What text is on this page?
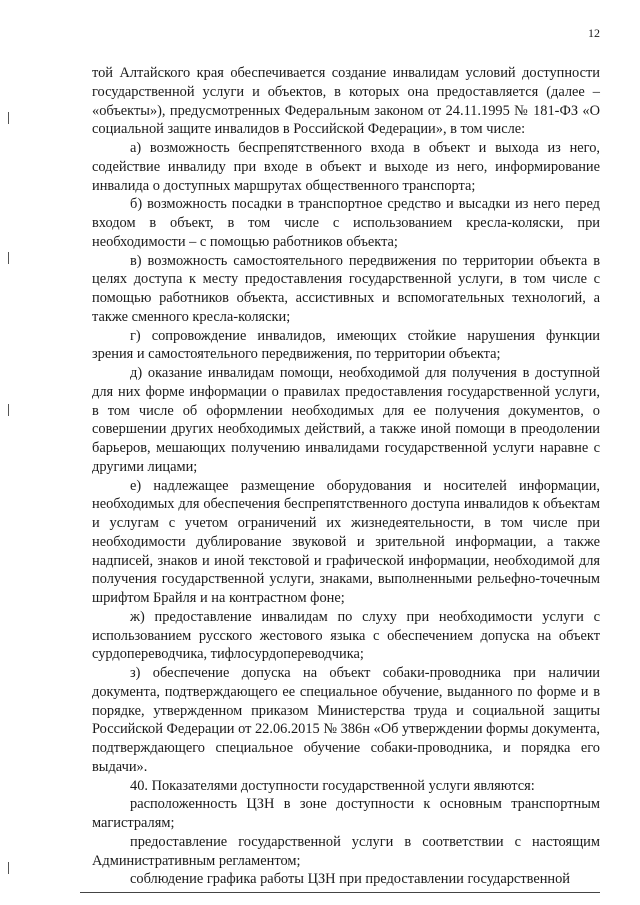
12

той Алтайского края обеспечивается создание инвалидам условий доступности государственной услуги и объектов, в которых она предоставляется (далее – «объекты»), предусмотренных Федеральным законом от 24.11.1995 № 181-ФЗ «О социальной защите инвалидов в Российской Федерации», в том числе:

а) возможность беспрепятственного входа в объект и выхода из него, содействие инвалиду при входе в объект и выходе из него, информирование инвалида о доступных маршрутах общественного транспорта;

б) возможность посадки в транспортное средство и высадки из него перед входом в объект, в том числе с использованием кресла-коляски, при необходимости – с помощью работников объекта;

в) возможность самостоятельного передвижения по территории объекта в целях доступа к месту предоставления государственной услуги, в том числе с помощью работников объекта, ассистивных и вспомогательных технологий, а также сменного кресла-коляски;

г) сопровождение инвалидов, имеющих стойкие нарушения функции зрения и самостоятельного передвижения, по территории объекта;

д) оказание инвалидам помощи, необходимой для получения в доступной для них форме информации о правилах предоставления государственной услуги, в том числе об оформлении необходимых для ее получения документов, о совершении других необходимых действий, а также иной помощи в преодолении барьеров, мешающих получению инвалидами государственной услуги наравне с другими лицами;

е) надлежащее размещение оборудования и носителей информации, необходимых для обеспечения беспрепятственного доступа инвалидов к объектам и услугам с учетом ограничений их жизнедеятельности, в том числе при необходимости дублирование звуковой и зрительной информации, а также надписей, знаков и иной текстовой и графической информации, необходимой для получения государственной услуги, знаками, выполненными рельефно-точечным шрифтом Брайля и на контрастном фоне;

ж) предоставление инвалидам по слуху при необходимости услуги с использованием русского жестового языка с обеспечением допуска на объект сурдопереводчика, тифлосурдопереводчика;

з) обеспечение допуска на объект собаки-проводника при наличии документа, подтверждающего ее специальное обучение, выданного по форме и в порядке, утвержденном приказом Министерства труда и социальной защиты Российской Федерации от 22.06.2015 № 386н «Об утверждении формы документа, подтверждающего специальное обучение собаки-проводника, и порядка его выдачи».

40. Показателями доступности государственной услуги являются:

расположенность ЦЗН в зоне доступности к основным транспортным магистралям;

предоставление государственной услуги в соответствии с настоящим Административным регламентом;

соблюдение графика работы ЦЗН при предоставлении государственной
